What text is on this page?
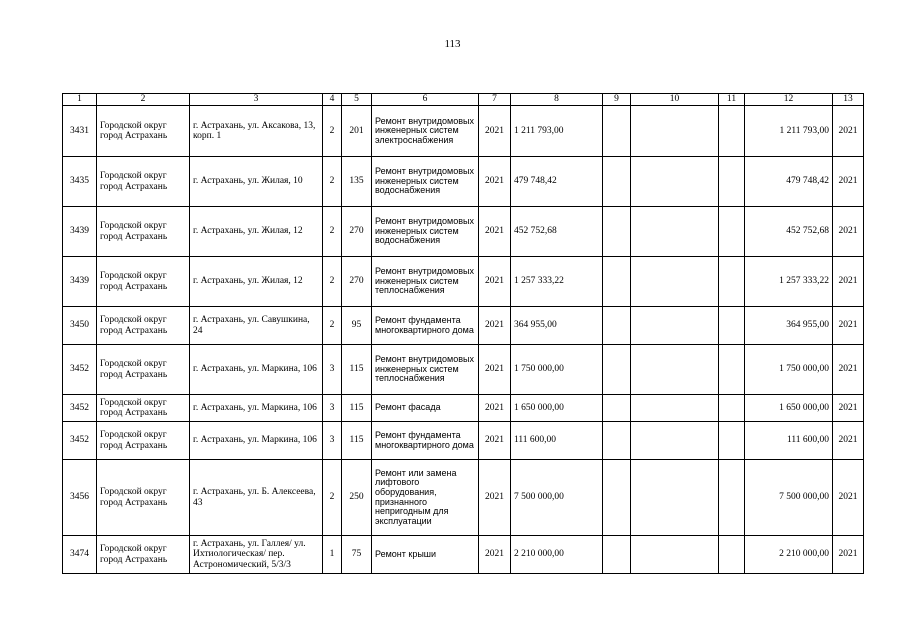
113
1	2	3	4	5	6	7	8	9	10	11	12	13
3431	Городской округ город Астрахань	г. Астрахань, ул. Аксакова, 13, корп. 1	2	201	Ремонт внутридомовых инженерных систем электроснабжения	2021	1 211 793,00				1 211 793,00	2021
3435	Городской округ город Астрахань	г. Астрахань, ул. Жилая, 10	2	135	Ремонт внутридомовых инженерных систем водоснабжения	2021	479 748,42				479 748,42	2021
3439	Городской округ город Астрахань	г. Астрахань, ул. Жилая, 12	2	270	Ремонт внутридомовых инженерных систем водоснабжения	2021	452 752,68				452 752,68	2021
3439	Городской округ город Астрахань	г. Астрахань, ул. Жилая, 12	2	270	Ремонт внутридомовых инженерных систем теплоснабжения	2021	1 257 333,22				1 257 333,22	2021
3450	Городской округ город Астрахань	г. Астрахань, ул. Савушкина, 24	2	95	Ремонт фундамента многоквартирного дома	2021	364 955,00				364 955,00	2021
3452	Городской округ город Астрахань	г. Астрахань, ул. Маркина, 106	3	115	Ремонт внутридомовых инженерных систем теплоснабжения	2021	1 750 000,00				1 750 000,00	2021
3452	Городской округ город Астрахань	г. Астрахань, ул. Маркина, 106	3	115	Ремонт фасада	2021	1 650 000,00				1 650 000,00	2021
3452	Городской округ город Астрахань	г. Астрахань, ул. Маркина, 106	3	115	Ремонт фундамента многоквартирного дома	2021	111 600,00				111 600,00	2021
3456	Городской округ город Астрахань	г. Астрахань, ул. Б. Алексеева, 43	2	250	Ремонт или замена лифтового оборудования, признанного непригодным для эксплуатации	2021	7 500 000,00				7 500 000,00	2021
3474	Городской округ город Астрахань	г. Астрахань, ул. Галлея/ ул. Ихтиологическая/ пер. Астрономический, 5/3/3	1	75	Ремонт крыши	2021	2 210 000,00				2 210 000,00	2021
